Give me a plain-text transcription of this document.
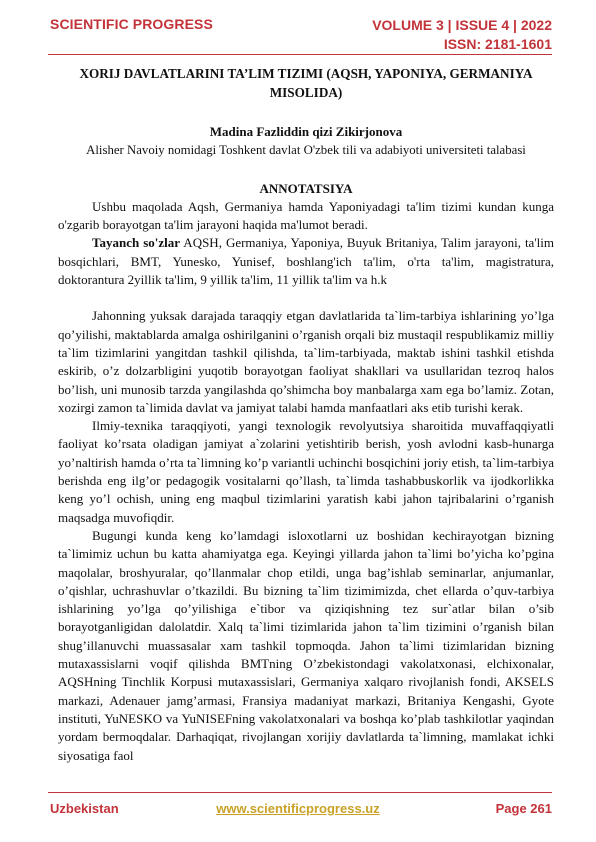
SCIENTIFIC PROGRESS	VOLUME 3 | ISSUE 4 | 2022
ISSN: 2181-1601

XORIJ DAVLATLARINI TA’LIM TIZIMI (AQSH, YAPONIYA, GERMANIYA MISOLIDA)

Madina Fazliddin qizi Zikirjonova

Alisher Navoiy nomidagi Toshkent davlat O'zbek tili va adabiyoti universiteti talabasi

ANNOTATSIYA

Ushbu maqolada Aqsh, Germaniya hamda Yaponiyadagi ta'lim tizimi kundan kunga o'zgarib borayotgan ta'lim jarayoni haqida ma'lumot beradi.

Tayanch so'zlar AQSH, Germaniya, Yaponiya, Buyuk Britaniya, Talim jarayoni, ta'lim bosqichlari, BMT, Yunesko, Yunisef, boshlang'ich ta'lim, o'rta ta'lim, magistratura, doktorantura 2yillik ta'lim, 9 yillik ta'lim, 11 yillik ta'lim va h.k

Jahonning yuksak darajada taraqqiy etgan davlatlarida ta`lim-tarbiya ishlarining yo’lga qo’yilishi, maktablarda amalga oshirilganini o’rganish orqali biz mustaqil respublikamiz milliy ta`lim tizimlarini yangitdan tashkil qilishda, ta`lim-tarbiyada, maktab ishini tashkil etishda eskirib, o’z dolzarbligini yuqotib borayotgan faoliyat shakllari va usullaridan tezroq halos bo’lish, uni munosib tarzda yangilashda qo’shimcha boy manbalarga xam ega bo’lamiz. Zotan, xozirgi zamon ta`limida davlat va jamiyat talabi hamda manfaatlari aks etib turishi kerak.

Ilmiy-texnika taraqqiyoti, yangi texnologik revolyutsiya sharoitida muvaffaqqiyatli faoliyat ko’rsata oladigan jamiyat a`zolarini yetishtirib berish, yosh avlodni kasb-hunarga yo’naltirish hamda o’rta ta`limning ko’p variantli uchinchi bosqichini joriy etish, ta`lim-tarbiya berishda eng ilg’or pedagogik vositalarni qo’llash, ta`limda tashabbuskorlik va ijodkorlikka keng yo’l ochish, uning eng maqbul tizimlarini yaratish kabi jahon tajribalarini o’rganish maqsadga muvofiqdir.

Bugungi kunda keng ko’lamdagi isloxotlarni uz boshidan kechirayotgan bizning ta`limimiz uchun bu katta ahamiyatga ega. Keyingi yillarda jahon ta`limi bo’yicha ko’pgina maqolalar, broshyuralar, qo’llanmalar chop etildi, unga bag’ishlab seminarlar, anjumanlar, o’qishlar, uchrashuvlar o’tkazildi. Bu bizning ta`lim tizimimizda, chet ellarda o’quv-tarbiya ishlarining yo’lga qo’yilishiga e`tibor va qiziqishning tez sur`atlar bilan o’sib borayotganligidan dalolatdir. Xalq ta`limi tizimlarida jahon ta`lim tizimini o’rganish bilan shug’illanuvchi muassasalar xam tashkil topmoqda. Jahon ta`limi tizimlaridan bizning mutaxassislarni voqif qilishda BMTning O’zbekistondagi vakolatxonasi, elchixonalar, AQSHning Tinchlik Korpusi mutaxassislari, Germaniya xalqaro rivojlanish fondi, AKSELS markazi, Adenauer jamg’armasi, Fransiya madaniyat markazi, Britaniya Kengashi, Gyote instituti, YuNESKO va YuNISEFning vakolatxonalari va boshqa ko’plab tashkilotlar yaqindan yordam bermoqdalar. Darhaqiqat, rivojlangan xorijiy davlatlarda ta`limning, mamlakat ichki siyosatiga faol

Uzbekistan	www.scientificprogress.uz	Page 261
